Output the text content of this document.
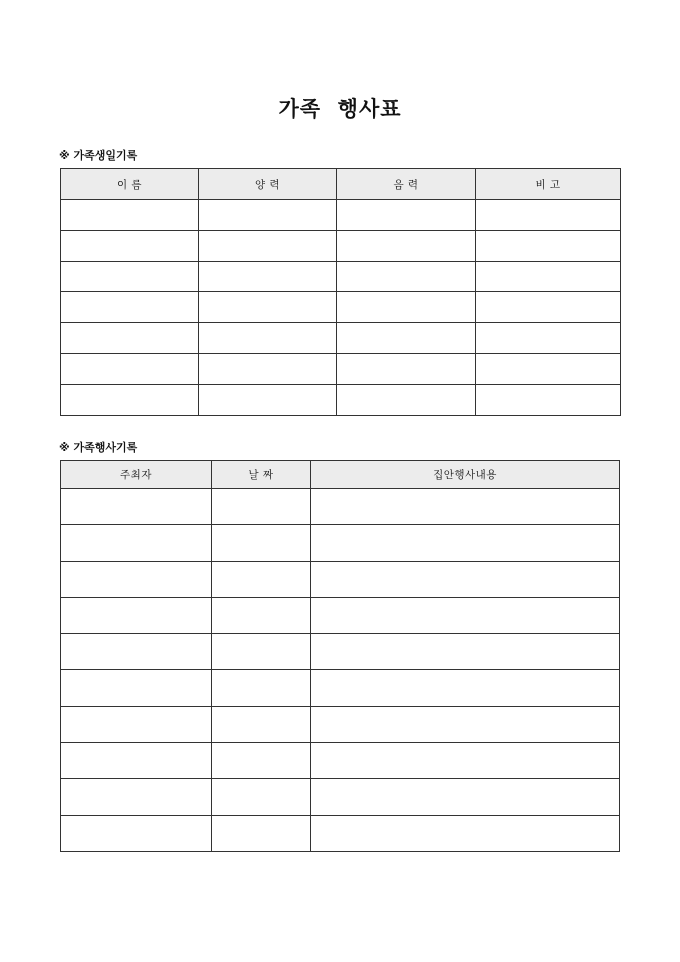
가족  행사표
※ 가족생일기록
이 름	양 력	음 력	비 고

※ 가족행사기록
주최자	날 짜	집안행사내용
